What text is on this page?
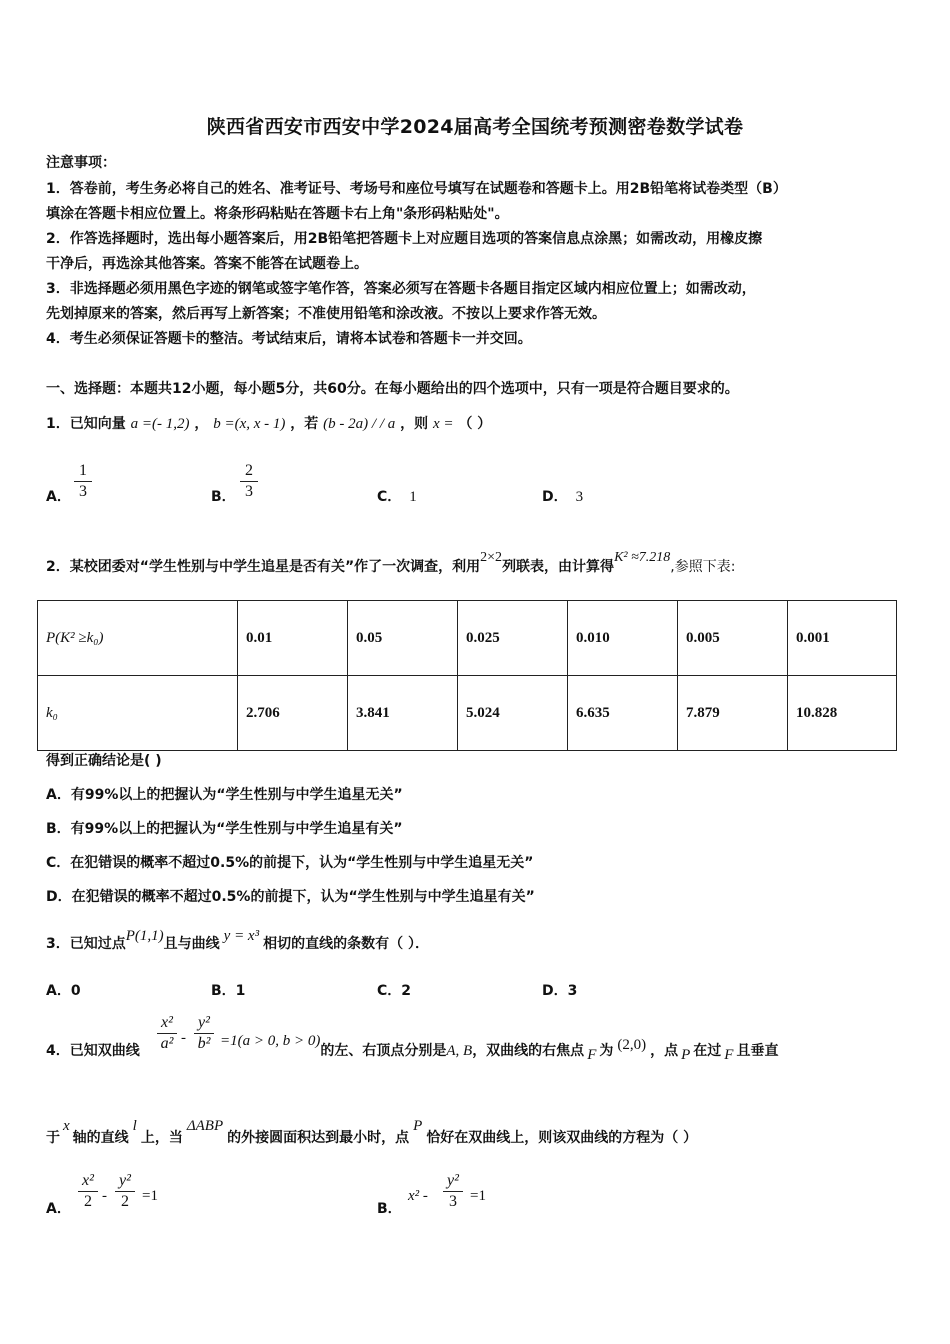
陕西省西安市西安中学2024届高考全国统考预测密卷数学试卷
注意事项：
1．答卷前，考生务必将自己的姓名、准考证号、考场号和座位号填写在试题卷和答题卡上。用2B铅笔将试卷类型（B）
填涂在答题卡相应位置上。将条形码粘贴在答题卡右上角"条形码粘贴处"。
2．作答选择题时，选出每小题答案后，用2B铅笔把答题卡上对应题目选项的答案信息点涂黑；如需改动，用橡皮擦
干净后，再选涂其他答案。答案不能答在试题卷上。
3．非选择题必须用黑色字迹的钢笔或签字笔作答，答案必须写在答题卡各题目指定区域内相应位置上；如需改动，
先划掉原来的答案，然后再写上新答案；不准使用铅笔和涂改液。不按以上要求作答无效。
4．考生必须保证答题卡的整洁。考试结束后，请将本试卷和答题卡一并交回。
一、选择题：本题共12小题，每小题5分，共60分。在每小题给出的四个选项中，只有一项是符合题目要求的。
1．已知向量 a =(- 1,2) ， b =(x, x - 1) ，若 (b - 2a) / / a ，则 x = （ ）
A．
1
3	B．
2
3	C． 1	D． 3
2．某校团委对“学生性别与中学生追星是否有关”作了一次调查，利用2×2列联表，由计算得K² ≈7.218,参照下表:
P(K² ≥k₀)	0.01	0.05	0.025	0.010	0.005	0.001
k₀	2.706	3.841	5.024	6.635	7.879	10.828
得到正确结论是( )
A．有99%以上的把握认为“学生性别与中学生追星无关”
B．有99%以上的把握认为“学生性别与中学生追星有关”
C．在犯错误的概率不超过0.5%的前提下，认为“学生性别与中学生追星无关”
D．在犯错误的概率不超过0.5%的前提下，认为“学生性别与中学生追星有关”
3．已知过点P(1,1)且与曲线 y = x³ 相切的直线的条数有（ ）．
A．0	B．1	C．2	D．3
4．已知双曲线
x²
a² -
y²
b² =1(a > 0, b > 0)的左、右顶点分别是A, B，双曲线的右焦点 F 为 (2,0) ，点 P 在过 F 且垂直
于x轴的直线l上，当ΔABP的外接圆面积达到最小时，点P恰好在双曲线上，则该双曲线的方程为（ ）
A．
x²
2 -
y²
2 =1
B．
x² -
y²
3 =1
